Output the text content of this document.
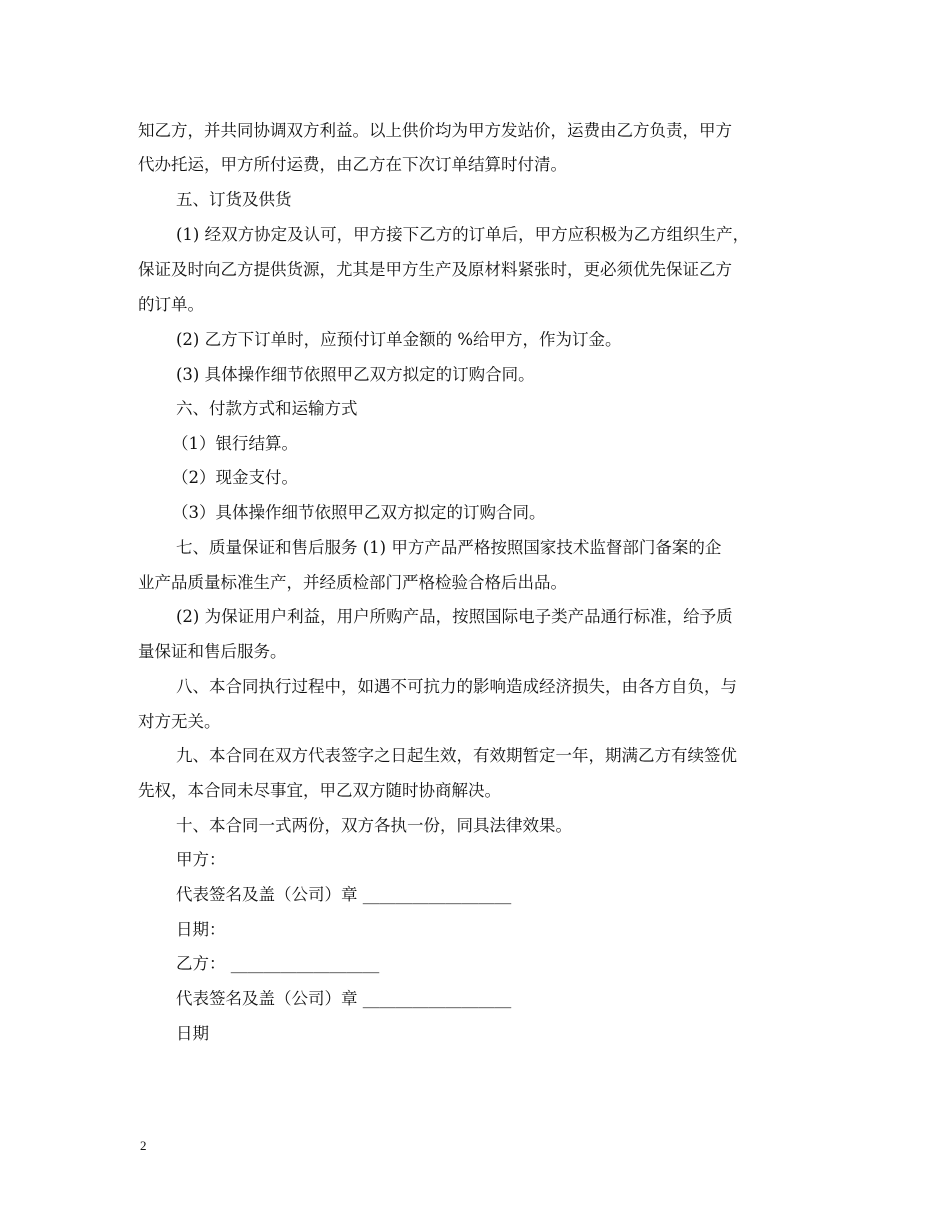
知乙方，并共同协调双方利益。以上供价均为甲方发站价，运费由乙方负责，甲方
代办托运，甲方所付运费，由乙方在下次订单结算时付清。
五、订货及供货
(1) 经双方协定及认可，甲方接下乙方的订单后，甲方应积极为乙方组织生产，
保证及时向乙方提供货源，尤其是甲方生产及原材料紧张时，更必须优先保证乙方
的订单。
(2) 乙方下订单时，应预付订单金额的 %给甲方，作为订金。
(3) 具体操作细节依照甲乙双方拟定的订购合同。
六、付款方式和运输方式
（1）银行结算。
（2）现金支付。
（3）具体操作细节依照甲乙双方拟定的订购合同。
七、质量保证和售后服务 (1) 甲方产品严格按照国家技术监督部门备案的企
业产品质量标准生产，并经质检部门严格检验合格后出品。
(2) 为保证用户利益，用户所购产品，按照国际电子类产品通行标准，给予质
量保证和售后服务。
八、本合同执行过程中，如遇不可抗力的影响造成经济损失，由各方自负，与
对方无关。
九、本合同在双方代表签字之日起生效，有效期暂定一年，期满乙方有续签优
先权，本合同未尽事宜，甲乙双方随时协商解决。
十、本合同一式两份，双方各执一份，同具法律效果。
甲方：
代表签名及盖（公司）章 __________________
日期：
乙方： __________________
代表签名及盖（公司）章 __________________
日期
2
